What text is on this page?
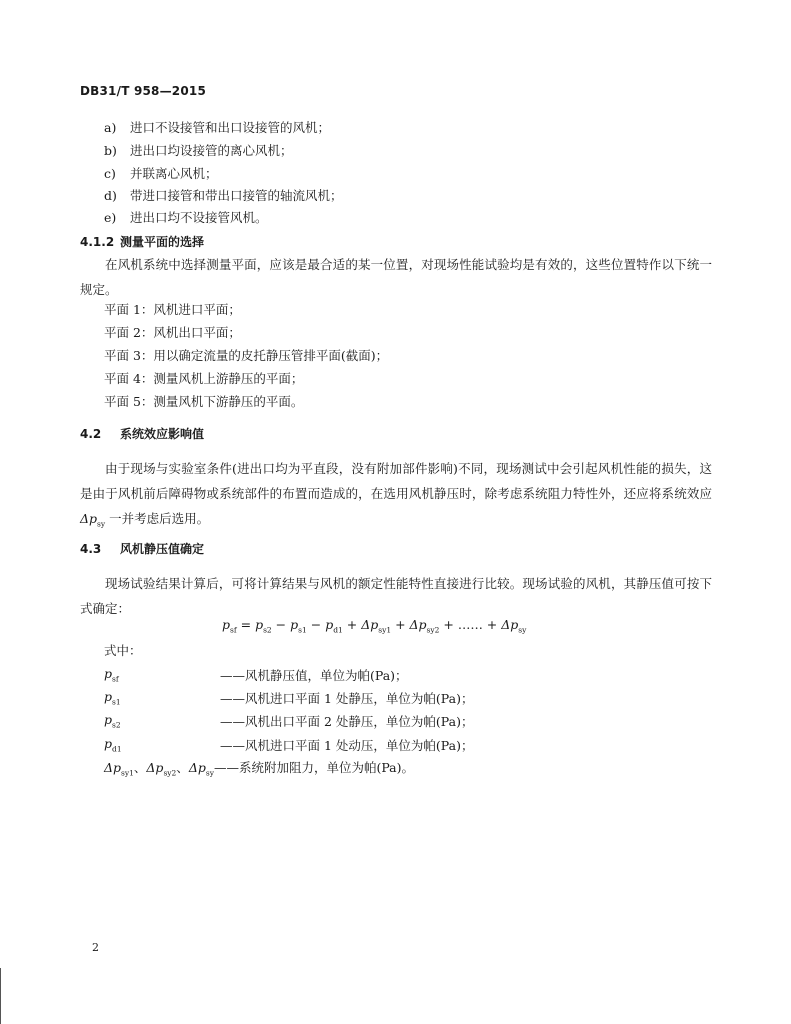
DB31/T 958—2015
a)	进口不设接管和出口设接管的风机；
b)	进出口均设接管的离心风机；
c)	并联离心风机；
d)	带进口接管和带出口接管的轴流风机；
e)	进出口均不设接管风机。
4.1.2 测量平面的选择
在风机系统中选择测量平面，应该是最合适的某一位置，对现场性能试验均是有效的，这些位置特作以下统一规定。
平面 1：风机进口平面；
平面 2：风机出口平面；
平面 3：用以确定流量的皮托静压管排平面(截面)；
平面 4：测量风机上游静压的平面；
平面 5：测量风机下游静压的平面。
4.2 系统效应影响值
由于现场与实验室条件(进出口均为平直段，没有附加部件影响)不同，现场测试中会引起风机性能的损失，这是由于风机前后障碍物或系统部件的布置而造成的，在选用风机静压时，除考虑系统阻力特性外，还应将系统效应 $\Delta p_{sy}$ 一并考虑后选用。
4.3 风机静压值确定
现场试验结果计算后，可将计算结果与风机的额定性能特性直接进行比较。现场试验的风机，其静压值可按下式确定：
$p_{sf} = p_{s2} - p_{s1} - p_{d1} + \Delta p_{sy1} + \Delta p_{sy2}$ + …… + $\Delta p_{sy}$
式中：
$p_{sf}$	——风机静压值，单位为帕(Pa)；
$p_{s1}$	——风机进口平面 1 处静压，单位为帕(Pa)；
$p_{s2}$	——风机出口平面 2 处静压，单位为帕(Pa)；
$p_{d1}$	——风机进口平面 1 处动压，单位为帕(Pa)；
$\Delta p_{sy1}$、$\Delta p_{sy2}$、$\Delta p_{sy}——$系统附加阻力，单位为帕(Pa)。
2
